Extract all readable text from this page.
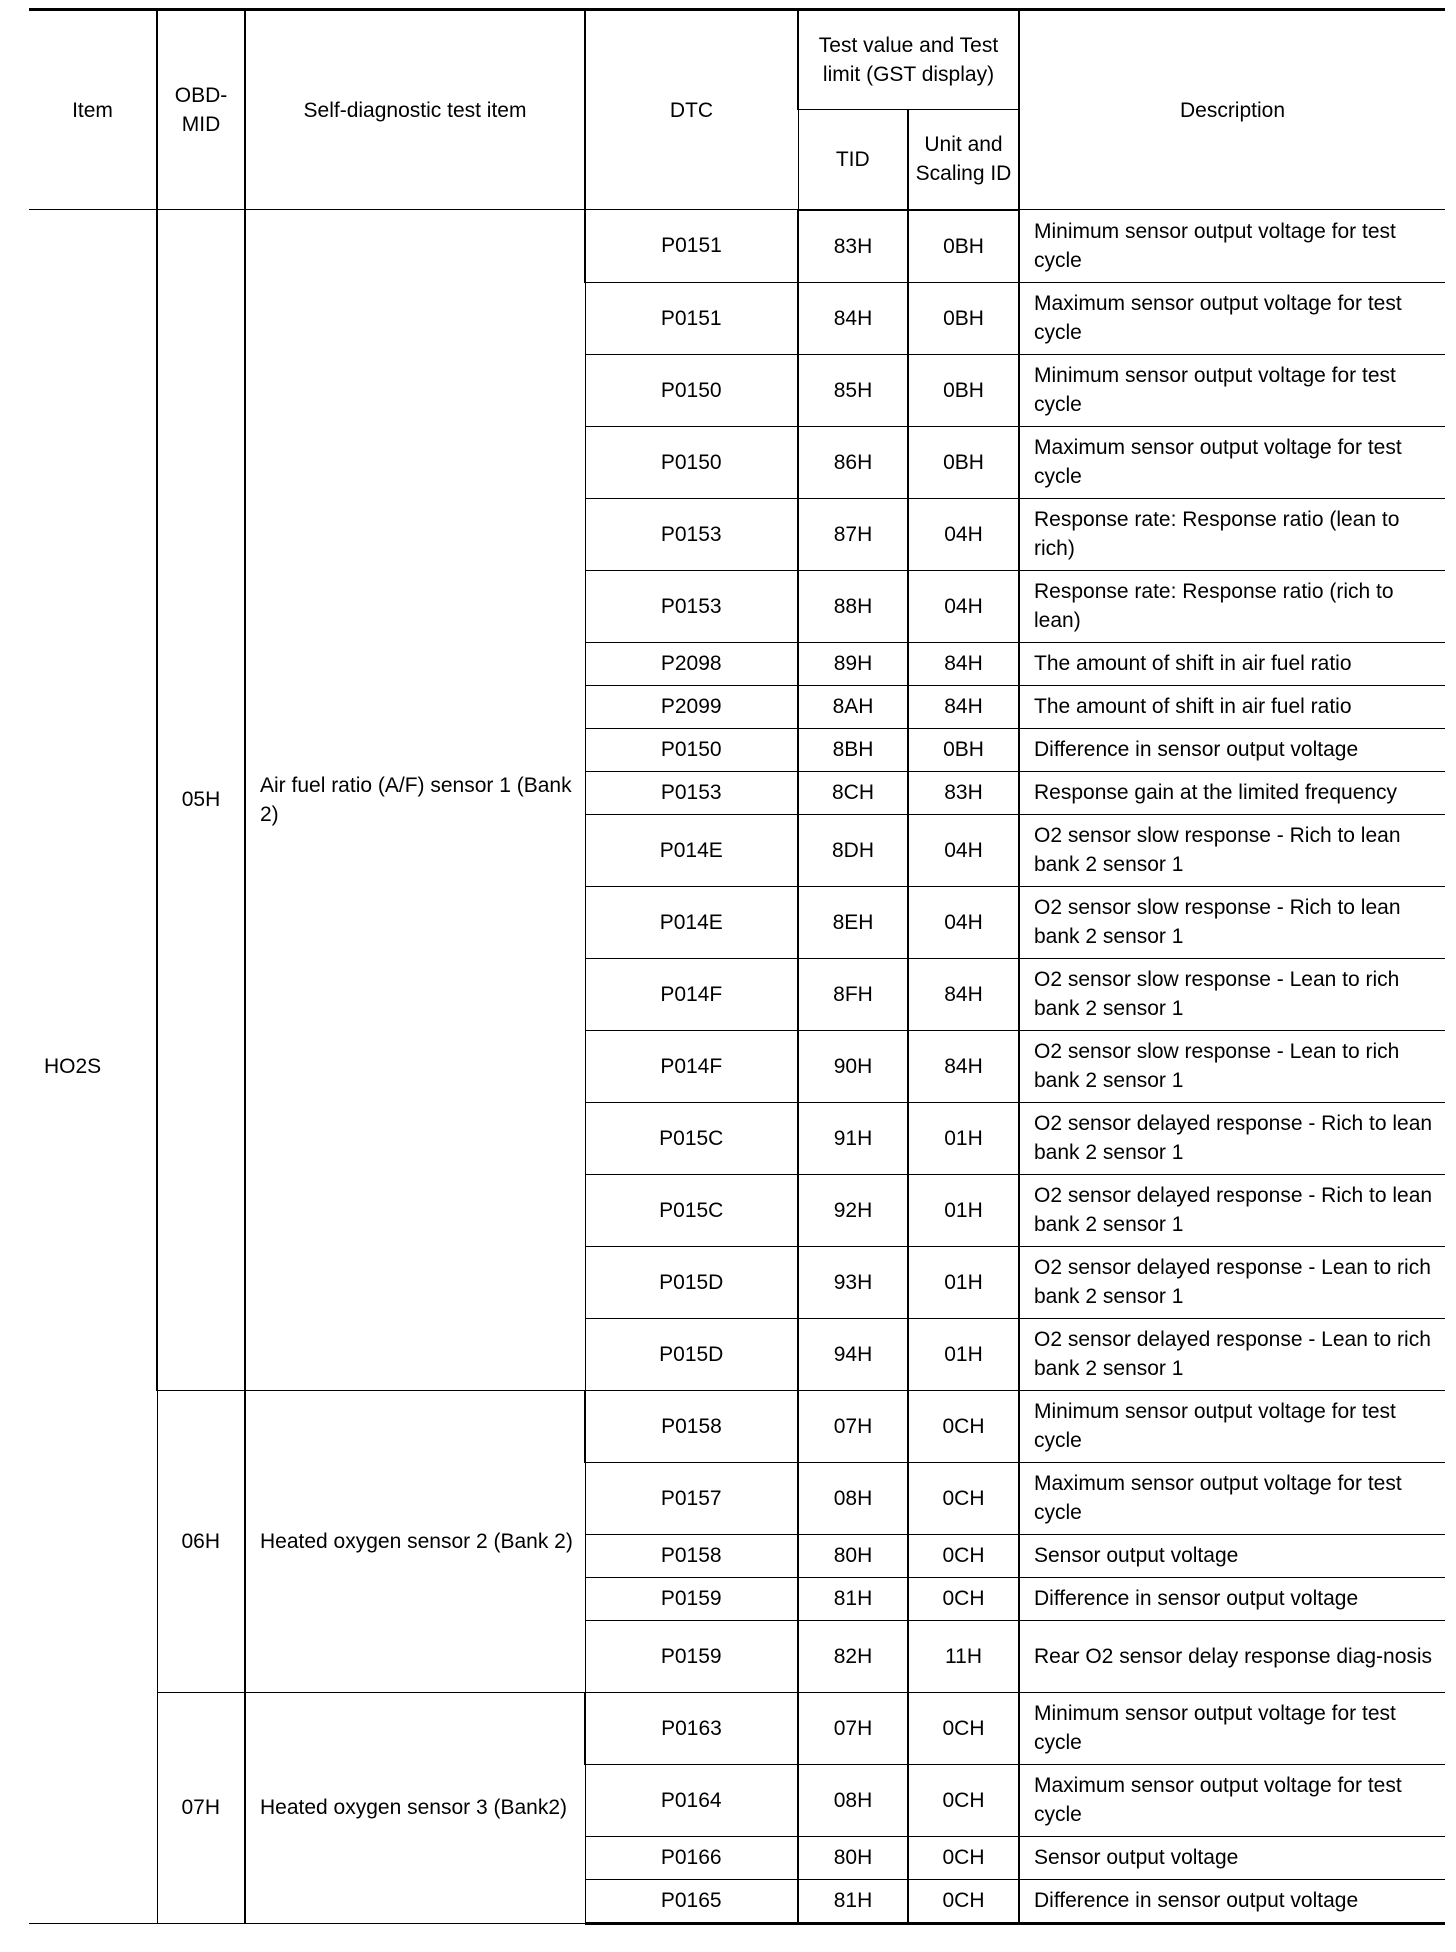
Item	OBD-MID	Self-diagnostic test item	DTC	Test value and Test limit (GST display)		Description
				TID	Unit and Scaling ID	
HO2S	05H	Air fuel ratio (A/F) sensor 1 (Bank 2)	P0151	83H	0BH	Minimum sensor output voltage for test cycle
			P0151	84H	0BH	Maximum sensor output voltage for test cycle
			P0150	85H	0BH	Minimum sensor output voltage for test cycle
			P0150	86H	0BH	Maximum sensor output voltage for test cycle
			P0153	87H	04H	Response rate: Response ratio (lean to rich)
			P0153	88H	04H	Response rate: Response ratio (rich to lean)
			P2098	89H	84H	The amount of shift in air fuel ratio
			P2099	8AH	84H	The amount of shift in air fuel ratio
			P0150	8BH	0BH	Difference in sensor output voltage
			P0153	8CH	83H	Response gain at the limited frequency
			P014E	8DH	04H	O2 sensor slow response - Rich to lean bank 2 sensor 1
			P014E	8EH	04H	O2 sensor slow response - Rich to lean bank 2 sensor 1
			P014F	8FH	84H	O2 sensor slow response - Lean to rich bank 2 sensor 1
			P014F	90H	84H	O2 sensor slow response - Lean to rich bank 2 sensor 1
			P015C	91H	01H	O2 sensor delayed response - Rich to lean bank 2 sensor 1
			P015C	92H	01H	O2 sensor delayed response - Rich to lean bank 2 sensor 1
			P015D	93H	01H	O2 sensor delayed response - Lean to rich bank 2 sensor 1
			P015D	94H	01H	O2 sensor delayed response - Lean to rich bank 2 sensor 1
	06H	Heated oxygen sensor 2 (Bank 2)	P0158	07H	0CH	Minimum sensor output voltage for test cycle
			P0157	08H	0CH	Maximum sensor output voltage for test cycle
			P0158	80H	0CH	Sensor output voltage
			P0159	81H	0CH	Difference in sensor output voltage
			P0159	82H	11H	Rear O2 sensor delay response diag-nosis
	07H	Heated oxygen sensor 3 (Bank2)	P0163	07H	0CH	Minimum sensor output voltage for test cycle
			P0164	08H	0CH	Maximum sensor output voltage for test cycle
			P0166	80H	0CH	Sensor output voltage
			P0165	81H	0CH	Difference in sensor output voltage
